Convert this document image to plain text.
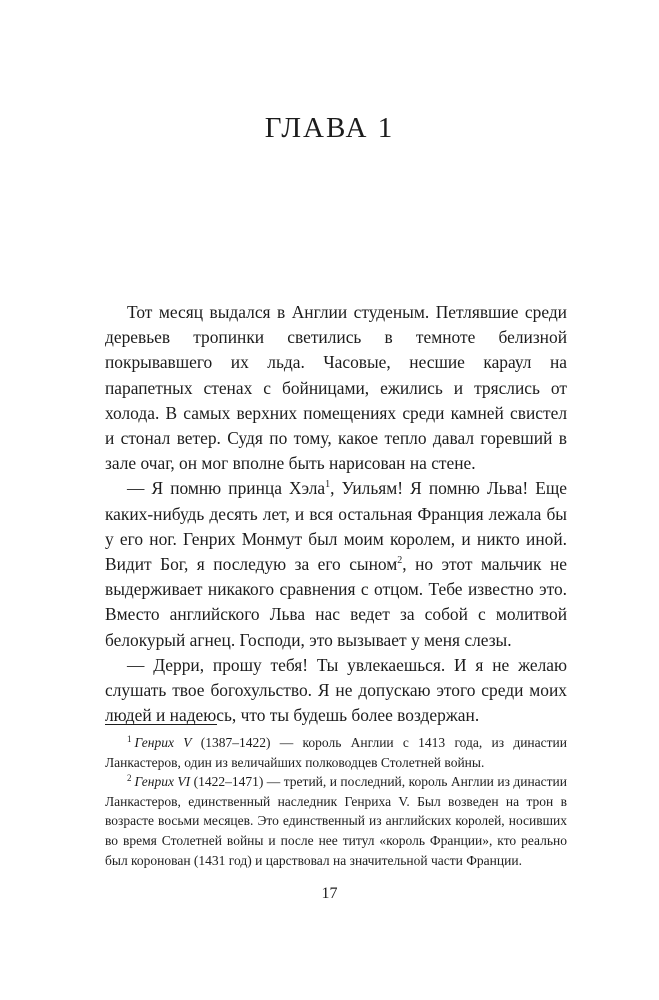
ГЛАВА 1

Тот месяц выдался в Англии студеным. Петлявшие среди деревьев тропинки светились в темноте белизной покрывавшего их льда. Часовые, несшие караул на парапетных стенах с бойницами, ежились и тряслись от холода. В самых верхних помещениях среди камней свистел и стонал ветер. Судя по тому, какое тепло давал горевший в зале очаг, он мог вполне быть нарисован на стене.

— Я помню принца Хэла$^1$, Уильям! Я помню Льва! Еще каких-нибудь десять лет, и вся остальная Франция лежала бы у его ног. Генрих Монмут был моим королем, и никто иной. Видит Бог, я последую за его сыном$^2$, но этот мальчик не выдерживает никакого сравнения с отцом. Тебе известно это. Вместо английского Льва нас ведет за собой с молитвой белокурый агнец. Господи, это вызывает у меня слезы.

— Дерри, прошу тебя! Ты увлекаешься. И я не желаю слушать твое богохульство. Я не допускаю этого среди моих людей и надеюсь, что ты будешь более воздержан.

$^1$ Генрих V (1387–1422) — король Англии с 1413 года, из династии Ланкастеров, один из величайших полководцев Столетней войны.

$^2$ Генрих VI (1422–1471) — третий, и последний, король Англии из династии Ланкастеров, единственный наследник Генриха V. Был возведен на трон в возрасте восьми месяцев. Это единственный из английских королей, носивших во время Столетней войны и после нее титул «король Франции», кто реально был коронован (1431 год) и царствовал на значительной части Франции.

17
